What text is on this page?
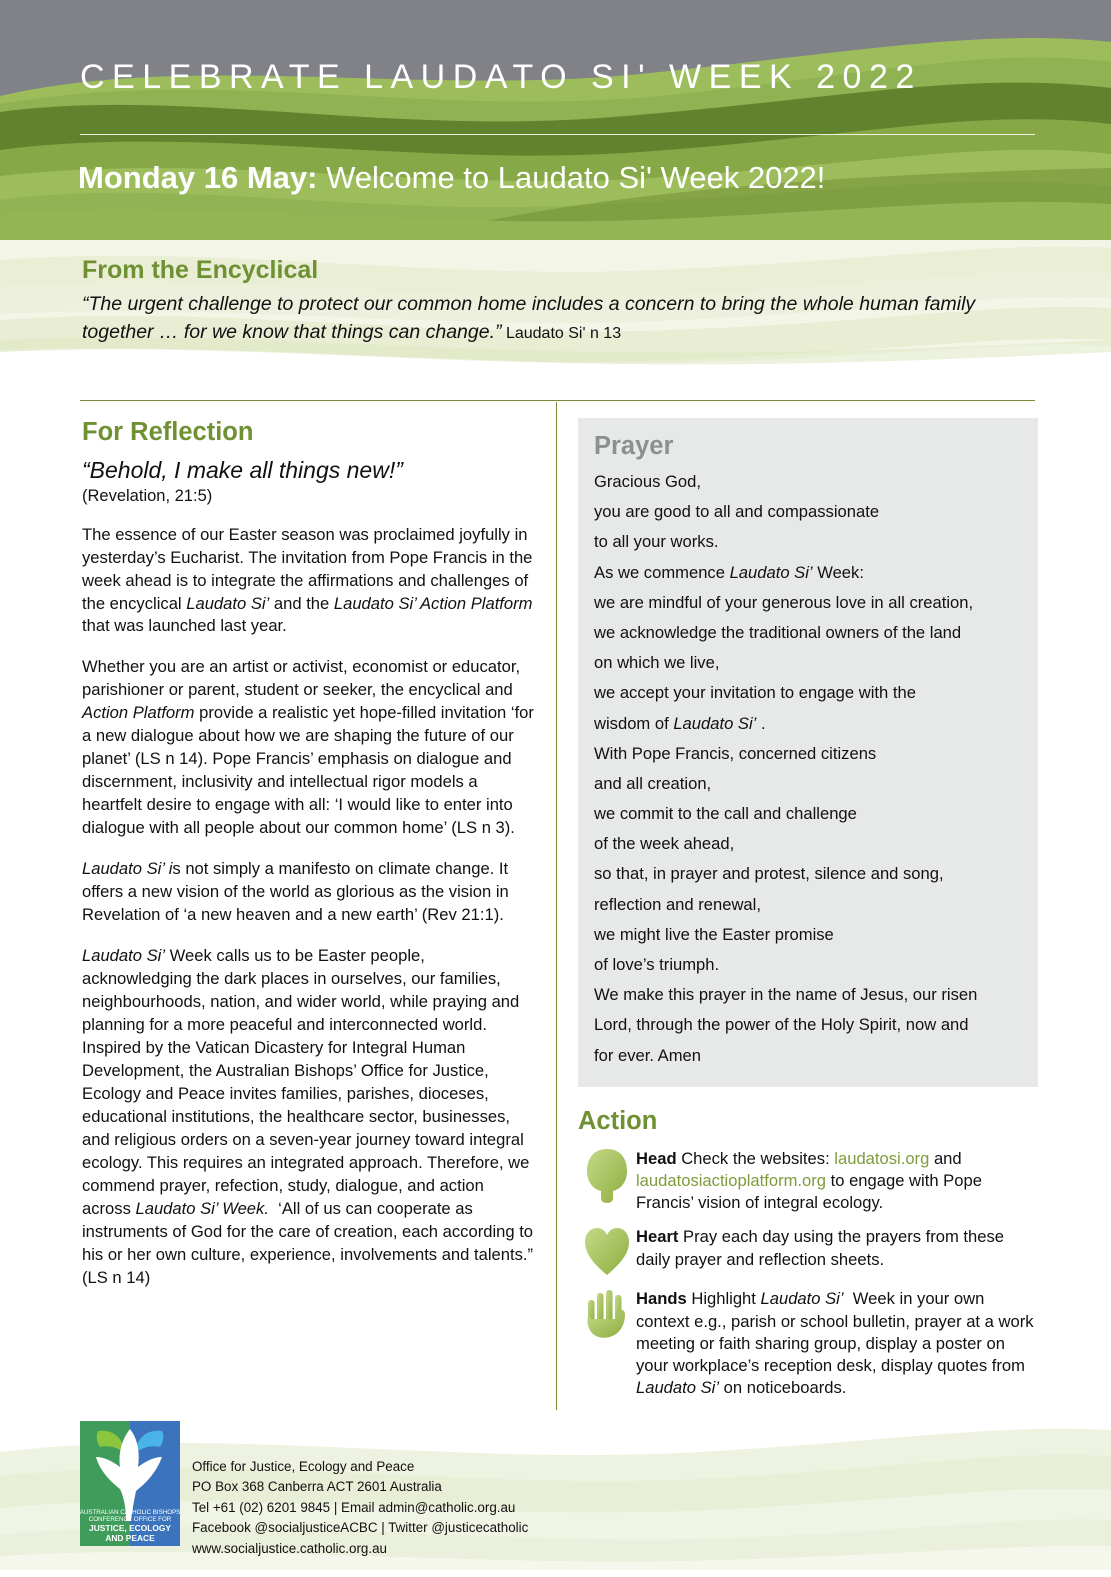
CELEBRATE LAUDATO SI' WEEK 2022
Monday 16 May: Welcome to Laudato Si' Week 2022!
From the Encyclical
“The urgent challenge to protect our common home includes a concern to bring the whole human family together … for we know that things can change.” Laudato Si' n 13
For Reflection

“Behold, I make all things new!”

(Revelation, 21:5)

The essence of our Easter season was proclaimed joyfully in yesterday’s Eucharist. The invitation from Pope Francis in the week ahead is to integrate the affirmations and challenges of the encyclical Laudato Si’ and the Laudato Si’ Action Platform that was launched last year.

Whether you are an artist or activist, economist or educator, parishioner or parent, student or seeker, the encyclical and Action Platform provide a realistic yet hope-filled invitation ‘for a new dialogue about how we are shaping the future of our planet’ (LS n 14). Pope Francis’ emphasis on dialogue and discernment, inclusivity and intellectual rigor models a heartfelt desire to engage with all: ‘I would like to enter into dialogue with all people about our common home’ (LS n 3).

Laudato Si’ is not simply a manifesto on climate change. It offers a new vision of the world as glorious as the vision in Revelation of ‘a new heaven and a new earth’ (Rev 21:1).

Laudato Si’ Week calls us to be Easter people, acknowledging the dark places in ourselves, our families, neighbourhoods, nation, and wider world, while praying and planning for a more peaceful and interconnected world.  Inspired by the Vatican Dicastery for Integral Human Development, the Australian Bishops’ Office for Justice, Ecology and Peace invites families, parishes, dioceses, educational institutions, the healthcare sector, businesses, and religious orders on a seven-year journey toward integral ecology. This requires an integrated approach. Therefore, we commend prayer, refection, study, dialogue, and action across Laudato Si’ Week.  ‘All of us can cooperate as instruments of God for the care of creation, each according to his or her own culture, experience, involvements and talents.” (LS n 14)

Prayer
Gracious God,
you are good to all and compassionate
to all your works.
As we commence Laudato Si’ Week:
we are mindful of your generous love in all creation,
we acknowledge the traditional owners of the land
on which we live,
we accept your invitation to engage with the
wisdom of Laudato Si’ .
With Pope Francis, concerned citizens
and all creation,
we commit to the call and challenge
of the week ahead,
so that, in prayer and protest, silence and song,
reflection and renewal,
we might live the Easter promise
of love’s triumph.
We make this prayer in the name of Jesus, our risen
Lord, through the power of the Holy Spirit, now and
for ever. Amen
Action
Head Check the websites: laudatosi.org and laudatosiactioplatform.org to engage with Pope Francis’ vision of integral ecology.
Heart Pray each day using the prayers from these daily prayer and reflection sheets.
Hands Highlight Laudato Si’  Week in your own context e.g., parish or school bulletin, prayer at a work meeting or faith sharing group, display a poster on your workplace’s reception desk, display quotes from Laudato Si’ on noticeboards.
AUSTRALIAN CATHOLIC BISHOPS
CONFERENCE OFFICE FOR
JUSTICE, ECOLOGY
AND PEACE
Office for Justice, Ecology and Peace
PO Box 368 Canberra ACT 2601 Australia
Tel +61 (02) 6201 9845 | Email admin@catholic.org.au
Facebook @socialjusticeACBC | Twitter @justicecatholic
www.socialjustice.catholic.org.au
